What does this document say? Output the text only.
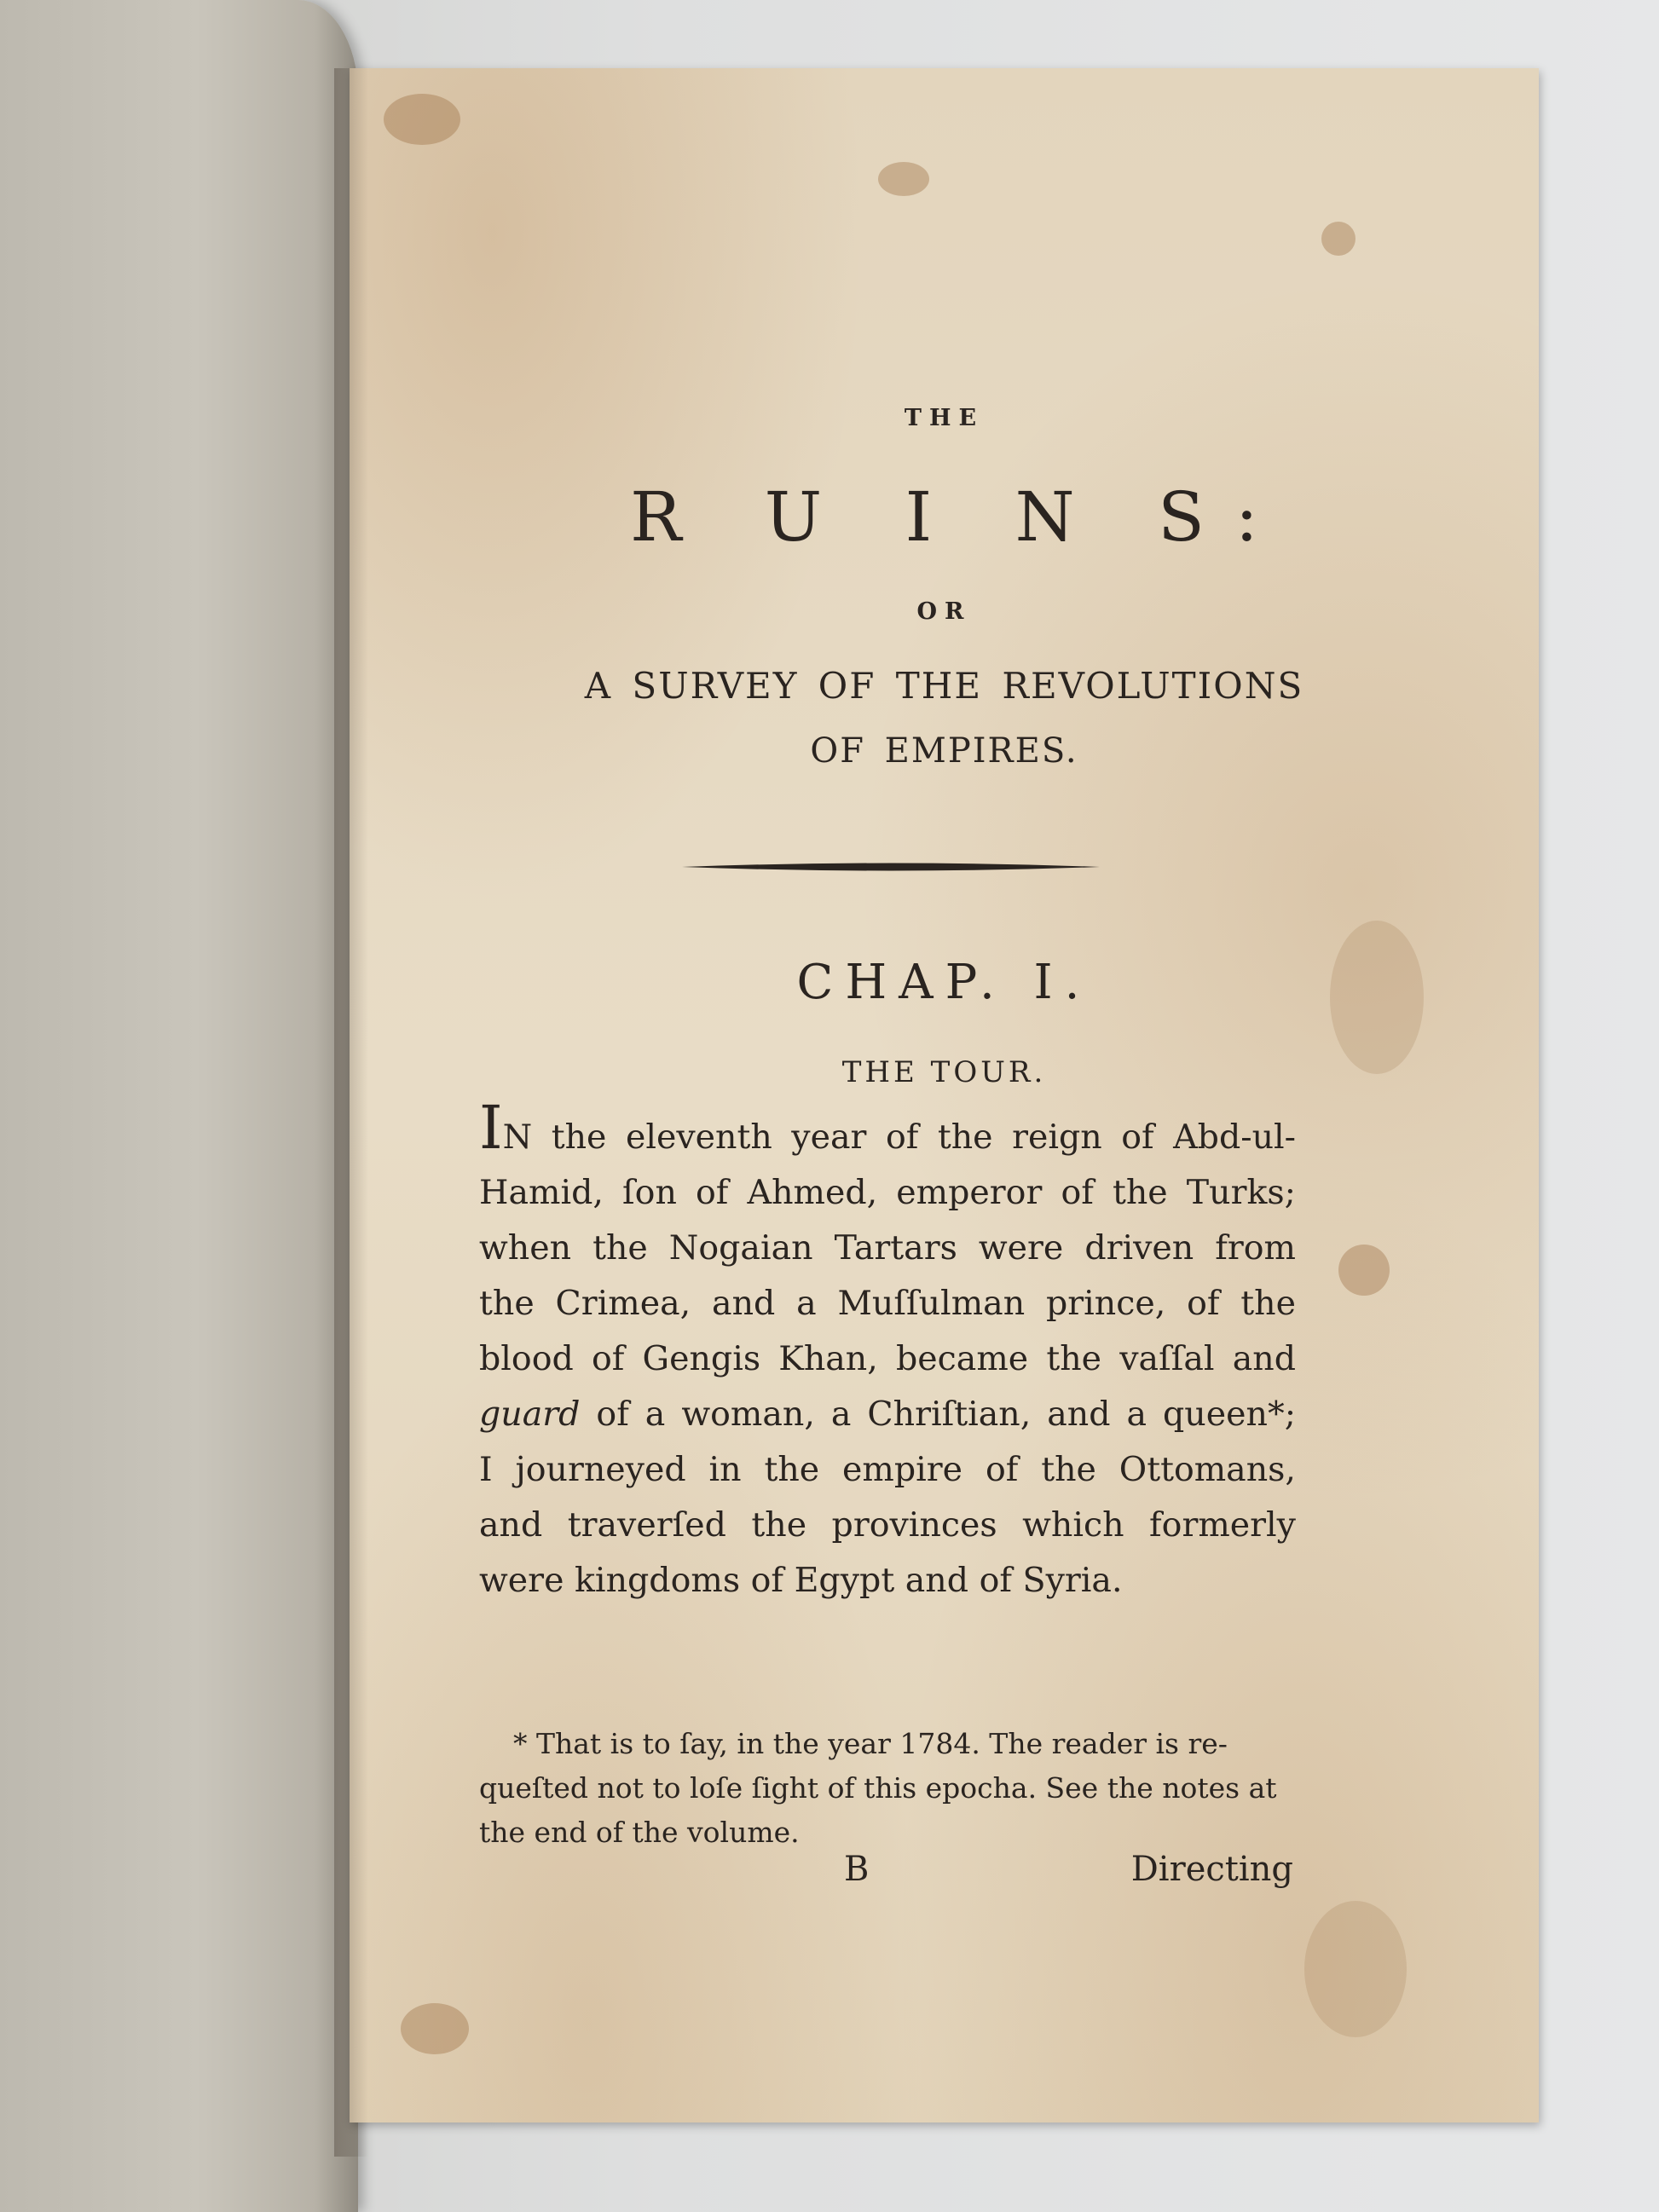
THE

R U I N S:

OR

A SURVEY OF THE REVOLUTIONS

OF EMPIRES.

CHAP. I.

THE TOUR.

IN the eleventh year of the reign of Abd-ul-
Hamid, ſon of Ahmed, emperor of the Turks;
when the Nogaian Tartars were driven from
the Crimea, and a Muſſulman prince, of the
blood of Gengis Khan, became the vaſſal and
guard of a woman, a Chriſtian, and a queen*;
I journeyed in the empire of the Ottomans,
and traverſed the provinces which formerly
were kingdoms of Egypt and of Syria.
* That is to ſay, in the year 1784. The reader is re-
queſted not to loſe ſight of this epocha. See the notes at
the end of the volume.
B	Directing
